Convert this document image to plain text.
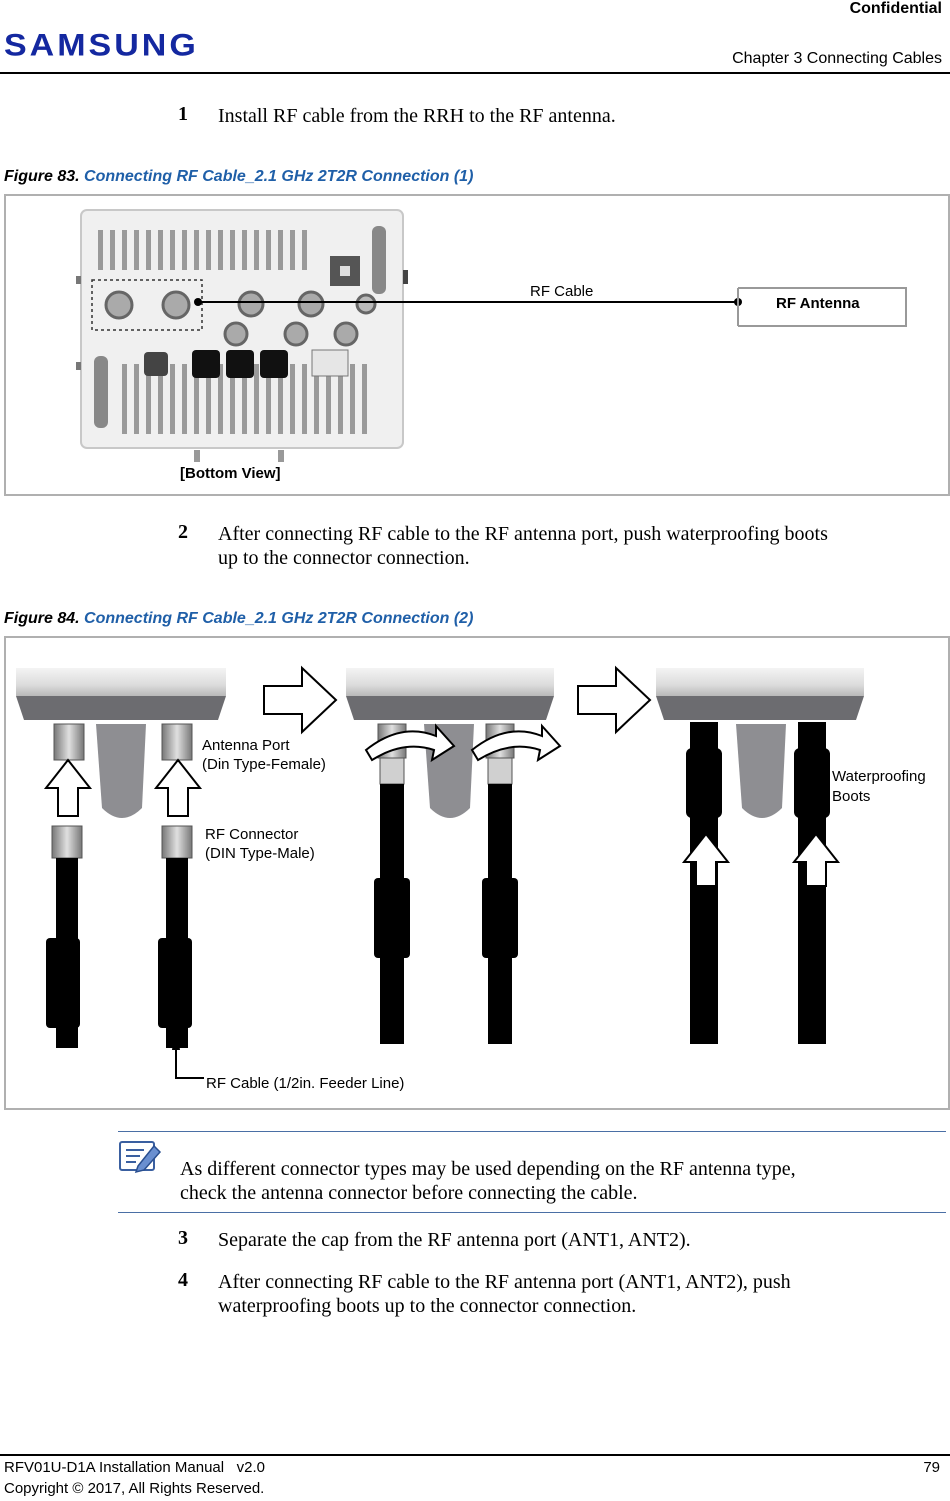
Confidential
SAMSUNG	Chapter 3 Connecting Cables
1 Install RF cable from the RRH to the RF antenna.
Figure 83. Connecting RF Cable_2.1 GHz 2T2R Connection (1)
RF Cable
RF Antenna
[Bottom View]
2 After connecting RF cable to the RF antenna port, push waterproofing boots
up to the connector connection.
Figure 84. Connecting RF Cable_2.1 GHz 2T2R Connection (2)
Antenna Port
(Din Type-Female)
RF Connector
(DIN Type-Male)
RF Cable (1/2in. Feeder Line)
Waterproofing
Boots
As different connector types may be used depending on the RF antenna type,
check the antenna connector before connecting the cable.
3 Separate the cap from the RF antenna port (ANT1, ANT2).
4 After connecting RF cable to the RF antenna port (ANT1, ANT2), push
waterproofing boots up to the connector connection.
RFV01U-D1A Installation Manual   v2.0
Copyright © 2017, All Rights Reserved.
79
